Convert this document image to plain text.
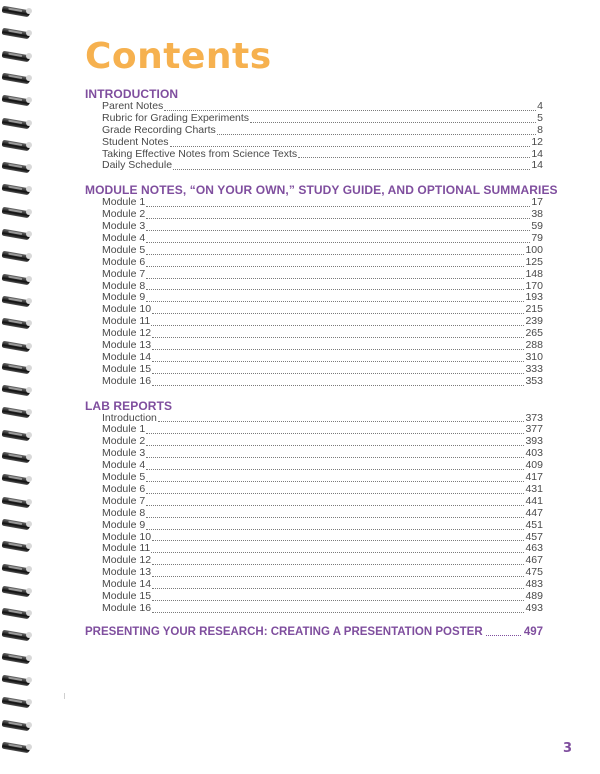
Contents
INTRODUCTION
Parent Notes	4
Rubric for Grading Experiments	5
Grade Recording Charts	8
Student Notes	12
Taking Effective Notes from Science Texts	14
Daily Schedule	14
MODULE NOTES, “ON YOUR OWN,” STUDY GUIDE, AND OPTIONAL SUMMARIES
Module 1	17
Module 2	38
Module 3	59
Module 4	79
Module 5	100
Module 6	125
Module 7	148
Module 8	170
Module 9	193
Module 10	215
Module 11	239
Module 12	265
Module 13	288
Module 14	310
Module 15	333
Module 16	353
LAB REPORTS
Introduction	373
Module 1	377
Module 2	393
Module 3	403
Module 4	409
Module 5	417
Module 6	431
Module 7	441
Module 8	447
Module 9	451
Module 10	457
Module 11	463
Module 12	467
Module 13	475
Module 14	483
Module 15	489
Module 16	493
PRESENTING YOUR RESEARCH: CREATING A PRESENTATION POSTER	497
3
